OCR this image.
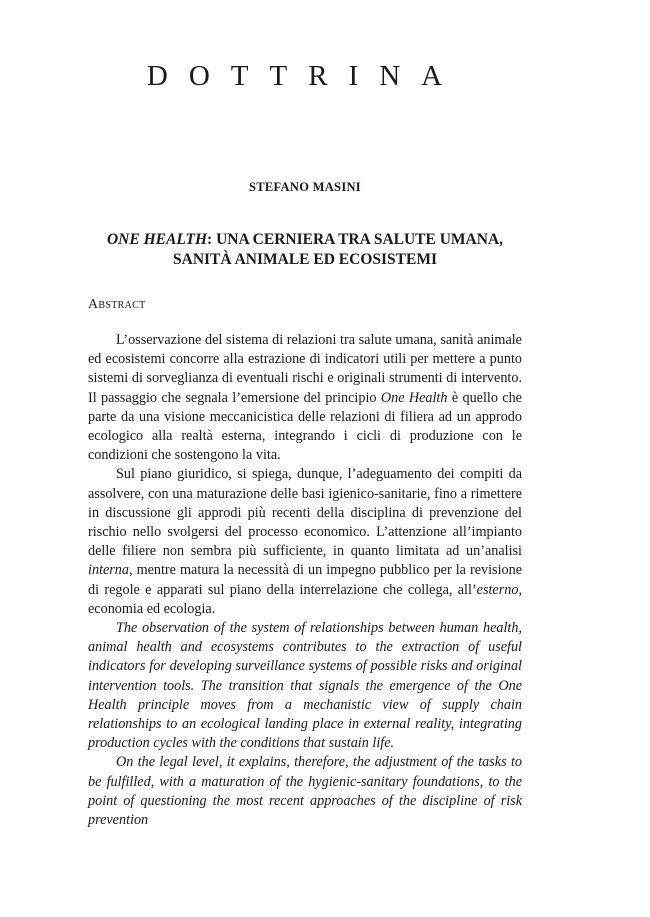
DOTTRINA
STEFANO MASINI
ONE HEALTH: UNA CERNIERA TRA SALUTE UMANA,
SANITÀ ANIMALE ED ECOSISTEMI
Abstract

L’osservazione del sistema di relazioni tra salute umana, sanità animale ed ecosistemi concorre alla estrazione di indicatori utili per mettere a punto sistemi di sorveglianza di eventuali rischi e originali strumenti di intervento. Il passaggio che segnala l’emersione del principio One Health è quello che parte da una visione meccanicistica delle relazioni di filiera ad un approdo ecologico alla realtà esterna, integrando i cicli di produzione con le condizioni che sostengono la vita.

Sul piano giuridico, si spiega, dunque, l’adeguamento dei compiti da assolvere, con una maturazione delle basi igienico-sanitarie, fino a rimettere in discussione gli approdi più recenti della disciplina di prevenzione del rischio nello svolgersi del processo economico. L’attenzione all’impianto delle filiere non sembra più sufficiente, in quanto limitata ad un’analisi interna, mentre matura la necessità di un impegno pubblico per la revisione di regole e apparati sul piano della interrelazione che collega, all’esterno, economia ed ecologia.

The observation of the system of relationships between human health, animal health and ecosystems contributes to the extraction of useful indicators for developing surveillance systems of possible risks and original intervention tools. The transition that signals the emergence of the One Health principle moves from a mechanistic view of supply chain relationships to an ecological landing place in external reality, integrating production cycles with the conditions that sustain life.

On the legal level, it explains, therefore, the adjustment of the tasks to be fulfilled, with a maturation of the hygienic-sanitary foundations, to the point of questioning the most recent approaches of the discipline of risk prevention
